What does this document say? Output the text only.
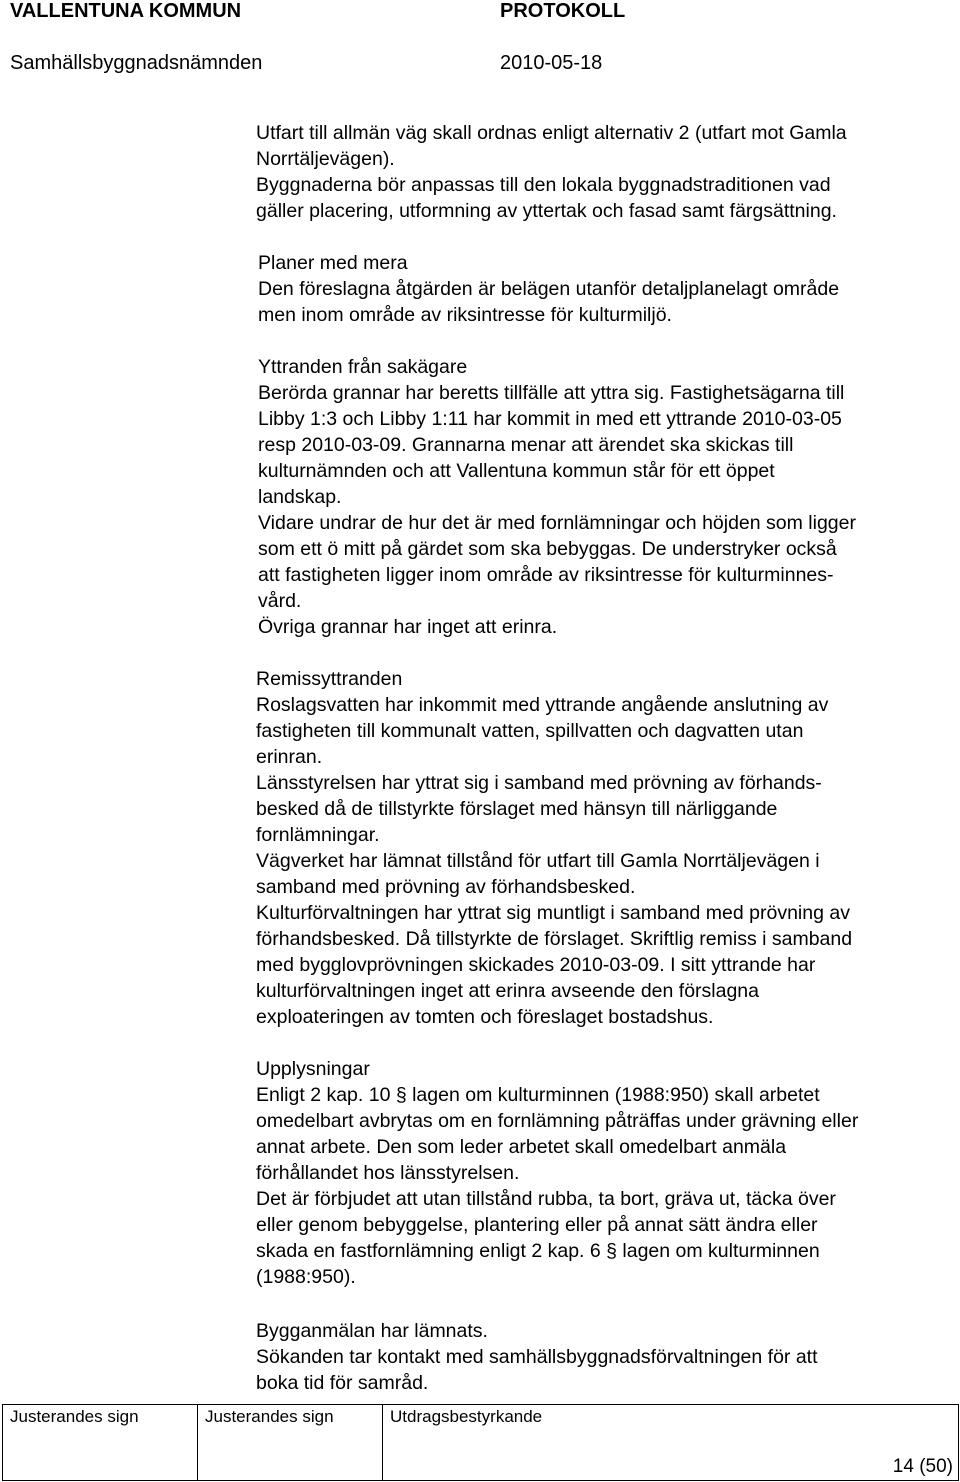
VALLENTUNA KOMMUN	PROTOKOLL
Samhällsbyggnadsnämnden	2010-05-18
Utfart till allmän väg skall ordnas enligt alternativ 2 (utfart mot Gamla
Norrtäljevägen).
Byggnaderna bör anpassas till den lokala byggnadstraditionen vad
gäller placering, utformning av yttertak och fasad samt färgsättning.
Planer med mera
Den föreslagna åtgärden är belägen utanför detaljplanelagt område
men inom område av riksintresse för kulturmiljö.
Yttranden från sakägare
Berörda grannar har beretts tillfälle att yttra sig. Fastighetsägarna till
Libby 1:3 och Libby 1:11 har kommit in med ett yttrande 2010-03-05
resp 2010-03-09. Grannarna menar att ärendet ska skickas till
kulturnämnden och att Vallentuna kommun står för ett öppet
landskap.
Vidare undrar de hur det är med fornlämningar och höjden som ligger
som ett ö mitt på gärdet som ska bebyggas. De understryker också
att fastigheten ligger inom område av riksintresse för kulturminnes-
vård.
Övriga grannar har inget att erinra.
Remissyttranden
Roslagsvatten har inkommit med yttrande angående anslutning av
fastigheten till kommunalt vatten, spillvatten och dagvatten utan
erinran.
Länsstyrelsen har yttrat sig i samband med prövning av förhands-
besked då de tillstyrkte förslaget med hänsyn till närliggande
fornlämningar.
Vägverket har lämnat tillstånd för utfart till Gamla Norrtäljevägen i
samband med prövning av förhandsbesked.
Kulturförvaltningen har yttrat sig muntligt i samband med prövning av
förhandsbesked. Då tillstyrkte de förslaget. Skriftlig remiss i samband
med bygglovprövningen skickades 2010-03-09. I sitt yttrande har
kulturförvaltningen inget att erinra avseende den förslagna
exploateringen av tomten och föreslaget bostadshus.
Upplysningar
Enligt 2 kap. 10 § lagen om kulturminnen (1988:950) skall arbetet
omedelbart avbrytas om en fornlämning påträffas under grävning eller
annat arbete. Den som leder arbetet skall omedelbart anmäla
förhållandet hos länsstyrelsen.
Det är förbjudet att utan tillstånd rubba, ta bort, gräva ut, täcka över
eller genom bebyggelse, plantering eller på annat sätt ändra eller
skada en fastfornlämning enligt 2 kap. 6 § lagen om kulturminnen
(1988:950).
Bygganmälan har lämnats.
Sökanden tar kontakt med samhällsbyggnadsförvaltningen för att
boka tid för samråd.
Justerandes sign	Justerandes sign	Utdragsbestyrkande
14 (50)
